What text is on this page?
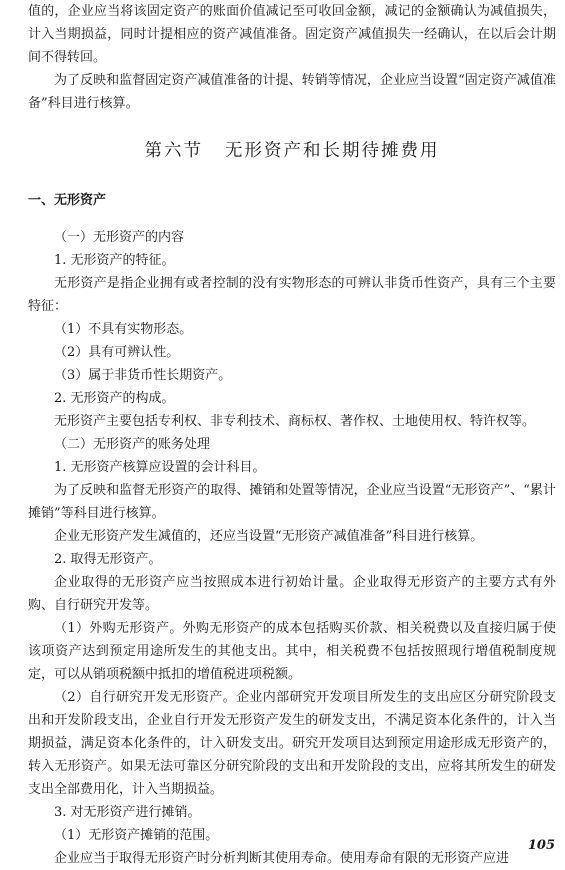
值的，企业应当将该固定资产的账面价值减记至可收回金额，减记的金额确认为减值损失，计入当期损益，同时计提相应的资产减值准备。固定资产减值损失一经确认，在以后会计期间不得转回。

为了反映和监督固定资产减值准备的计提、转销等情况，企业应当设置“固定资产减值准备”科目进行核算。

第六节 无形资产和长期待摊费用
一、无形资产

（一）无形资产的内容

1. 无形资产的特征。

无形资产是指企业拥有或者控制的没有实物形态的可辨认非货币性资产，具有三个主要特征：

（1）不具有实物形态。

（2）具有可辨认性。

（3）属于非货币性长期资产。

2. 无形资产的构成。

无形资产主要包括专利权、非专利技术、商标权、著作权、土地使用权、特许权等。

（二）无形资产的账务处理

1. 无形资产核算应设置的会计科目。

为了反映和监督无形资产的取得、摊销和处置等情况，企业应当设置“无形资产”、“累计摊销”等科目进行核算。

企业无形资产发生减值的，还应当设置“无形资产减值准备”科目进行核算。

2. 取得无形资产。

企业取得的无形资产应当按照成本进行初始计量。企业取得无形资产的主要方式有外购、自行研究开发等。

（1）外购无形资产。外购无形资产的成本包括购买价款、相关税费以及直接归属于使该项资产达到预定用途所发生的其他支出。其中，相关税费不包括按照现行增值税制度规定，可以从销项税额中抵扣的增值税进项税额。

（2）自行研究开发无形资产。企业内部研究开发项目所发生的支出应区分研究阶段支出和开发阶段支出，企业自行开发无形资产发生的研发支出，不满足资本化条件的，计入当期损益，满足资本化条件的，计入研发支出。研究开发项目达到预定用途形成无形资产的，转入无形资产。如果无法可靠区分研究阶段的支出和开发阶段的支出，应将其所发生的研发支出全部费用化，计入当期损益。

3. 对无形资产进行摊销。

（1）无形资产摊销的范围。

企业应当于取得无形资产时分析判断其使用寿命。使用寿命有限的无形资产应进

105
